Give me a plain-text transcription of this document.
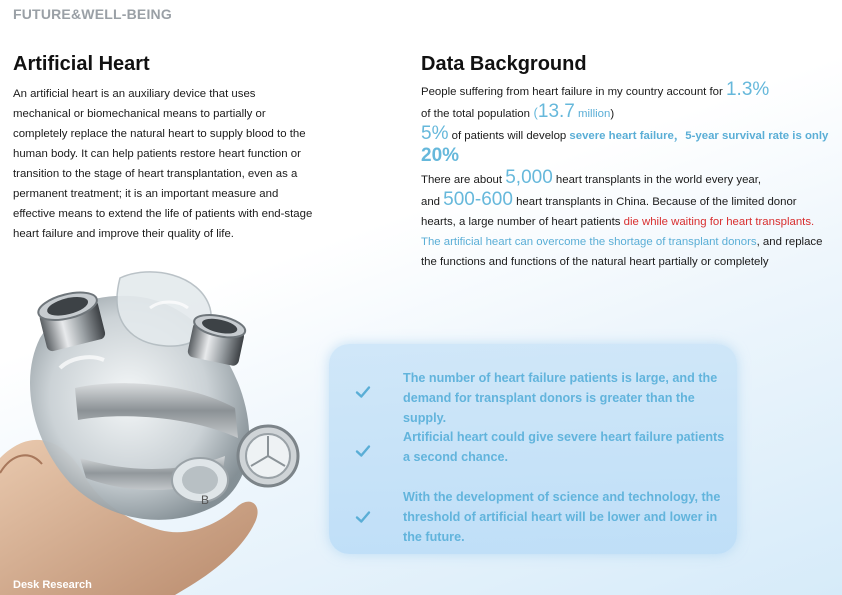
FUTURE&WELL-BEING
Artificial Heart
An artificial heart is an auxiliary device that uses mechanical or biomechanical means to partially or completely replace the natural heart to supply blood to the human body. It can help patients restore heart function or transition to the stage of heart transplantation, even as a permanent treatment; it is an important measure and effective means to extend the life of patients with end-stage heart failure and improve their quality of life.
Data Background

People suffering from heart failure in my country account for 1.3%

of the total population (13.7 million)

5% of patients will develop severe heart failure，5-year survival rate is only 20%

There are about 5,000 heart transplants in the world every year,

and 500-600 heart transplants in China. Because of the limited donor hearts, a large number of heart patients die while waiting for heart transplants.

The artificial heart can overcome the shortage of transplant donors, and replace the functions and functions of the natural heart partially or completely

B
Desk Research
The number of heart failure patients is large, and the demand for transplant donors is greater than the supply.
Artificial heart could give severe heart failure patients a second chance.
With the development of science and technology, the threshold of artificial heart will be lower and lower in the future.
